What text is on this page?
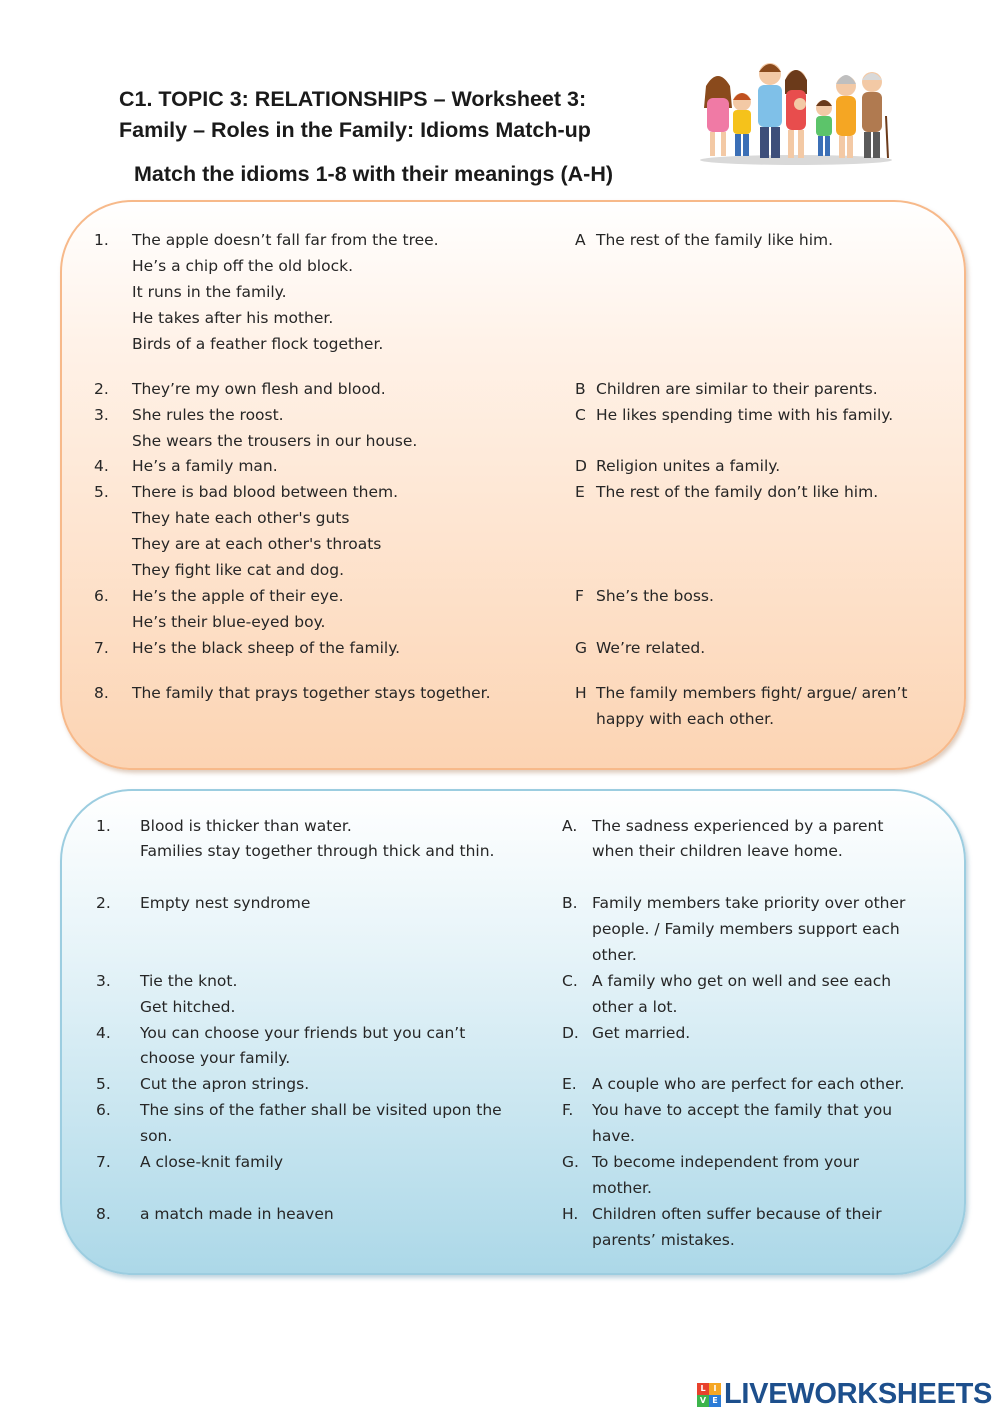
C1. TOPIC 3: RELATIONSHIPS – Worksheet 3:
Family – Roles in the Family: Idioms Match-up
Match the idioms 1-8 with their meanings (A-H)
1. The apple doesn’t fall far from the tree.
He’s a chip off the old block.
It runs in the family.
He takes after his mother.
Birds of a feather flock together.
2. They’re my own flesh and blood.
3. She rules the roost.
She wears the trousers in our house.
4. He’s a family man.
5. There is bad blood between them.
They hate each other's guts
They are at each other's throats
They fight like cat and dog.
6. He’s the apple of their eye.
He’s their blue-eyed boy.
7. He’s the black sheep of the family.
8. The family that prays together stays together.
A The rest of the family like him.
B Children are similar to their parents.
C He likes spending time with his family.
D Religion unites a family.
E The rest of the family don’t like him.
F She’s the boss.
G We’re related.
H The family members fight/ argue/ aren’t
happy with each other.
1. Blood is thicker than water.
Families stay together through thick and thin.
2. Empty nest syndrome
3. Tie the knot.
Get hitched.
4. You can choose your friends but you can’t
choose your family.
5. Cut the apron strings.
6. The sins of the father shall be visited upon the
son.
7. A close-knit family
8. a match made in heaven
A. The sadness experienced by a parent
when their children leave home.
B. Family members take priority over other
people. / Family members support each
other.
C. A family who get on well and see each
other a lot.
D. Get married.
E. A couple who are perfect for each other.
F. You have to accept the family that you
have.
G. To become independent from your
mother.
H. Children often suffer because of their
parents’ mistakes.
L I
V E LIVEWORKSHEETS
